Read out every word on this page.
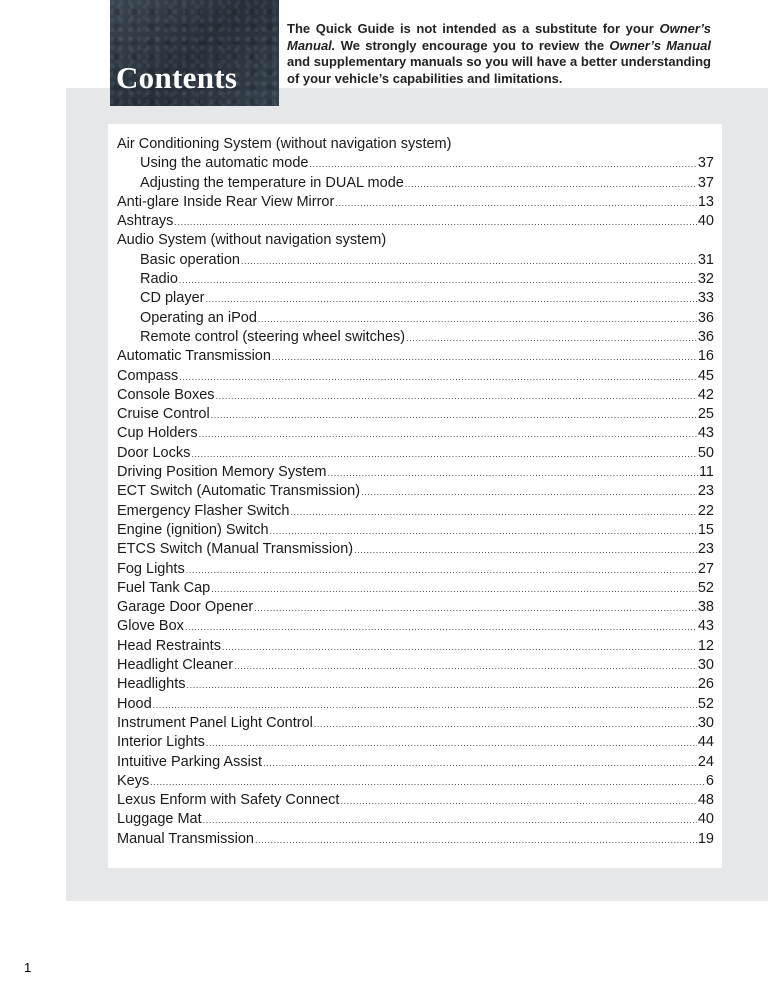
Contents

The Quick Guide is not intended as a substitute for your Owner’s Manual. We strongly encourage you to review the Owner’s Manual and supplementary manuals so you will have a better understanding of your vehicle’s capabilities and limitations.

Air Conditioning System (without navigation system)
Using the automatic mode .....	37
Adjusting the temperature in DUAL mode .....	37
Anti-glare Inside Rear View Mirror .....	13
Ashtrays .....	40
Audio System (without navigation system)
Basic operation .....	31
Radio .....	32
CD player .....	33
Operating an iPod .....	36
Remote control (steering wheel switches) .....	36
Automatic Transmission .....	16
Compass .....	45
Console Boxes .....	42
Cruise Control .....	25
Cup Holders .....	43
Door Locks .....	50
Driving Position Memory System .....	11
ECT Switch (Automatic Transmission) .....	23
Emergency Flasher Switch .....	22
Engine (ignition) Switch .....	15
ETCS Switch (Manual Transmission) .....	23
Fog Lights .....	27
Fuel Tank Cap .....	52
Garage Door Opener .....	38
Glove Box .....	43
Head Restraints .....	12
Headlight Cleaner .....	30
Headlights .....	26
Hood .....	52
Instrument Panel Light Control .....	30
Interior Lights .....	44
Intuitive Parking Assist .....	24
Keys .....	6
Lexus Enform with Safety Connect .....	48
Luggage Mat .....	40
Manual Transmission .....	19

1
